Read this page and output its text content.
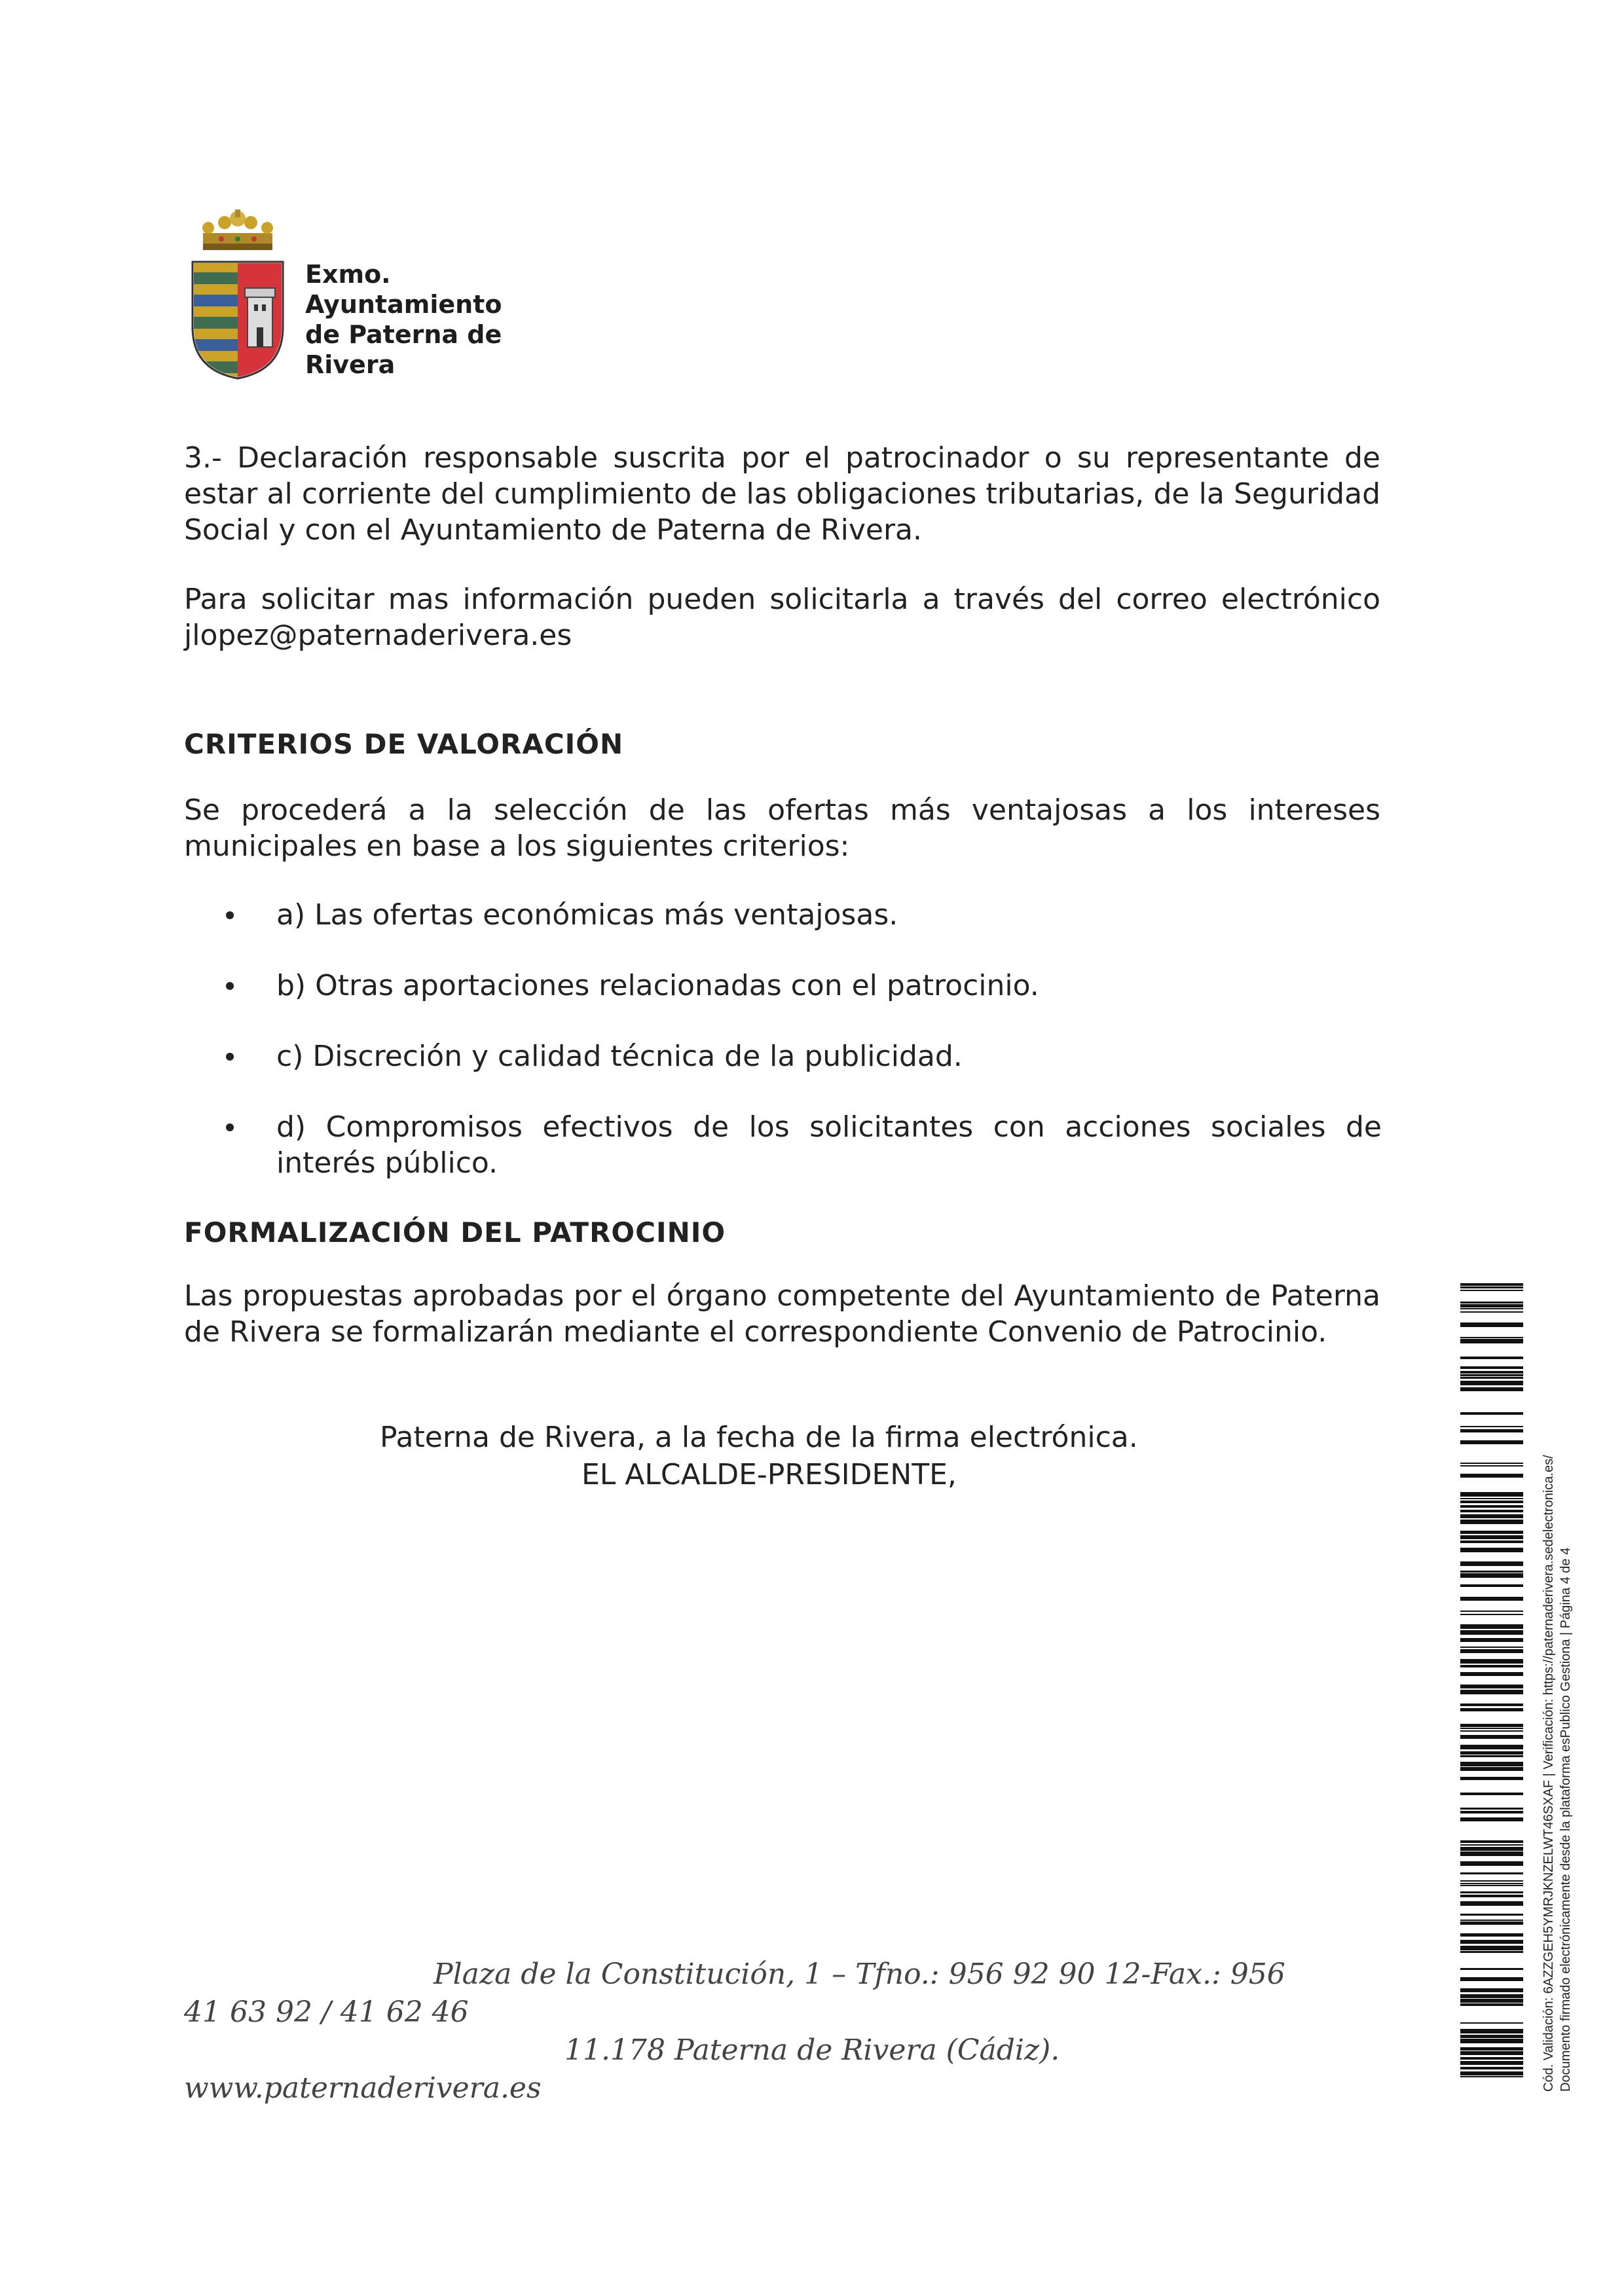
Exmo.
Ayuntamiento
de Paterna de
Rivera
3.- Declaración responsable suscrita por el patrocinador o su representante de estar al corriente del cumplimiento de las obligaciones tributarias, de la Seguridad Social y con el Ayuntamiento de Paterna de Rivera.
Para solicitar mas información pueden solicitarla a través del correo electrónico jlopez@paternaderivera.es
CRITERIOS DE VALORACIÓN
Se procederá a la selección de las ofertas más ventajosas a los intereses municipales en base a los siguientes criterios:
a) Las ofertas económicas más ventajosas.
b) Otras aportaciones relacionadas con el patrocinio.
c) Discreción y calidad técnica de la publicidad.
d) Compromisos efectivos de los solicitantes con acciones sociales de interés público.
FORMALIZACIÓN DEL PATROCINIO
Las propuestas aprobadas por el órgano competente del Ayuntamiento de Paterna de Rivera se formalizarán mediante el correspondiente Convenio de Patrocinio.
Paterna de Rivera, a la fecha de la firma electrónica.
EL ALCALDE-PRESIDENTE,
Plaza de la Constitución, 1 – Tfno.: 956 92 90 12-Fax.: 956
41 63 92 / 41 62 46
11.178 Paterna de Rivera (Cádiz).
www.paternaderivera.es	Cód. Validación: 6AZZGEH5YMRJKNZELWT46SXAF | Verificación: https://paternaderivera.sedelectronica.es/ Documento firmado electrónicamente desde la plataforma esPublico Gestiona | Página 4 de 4
